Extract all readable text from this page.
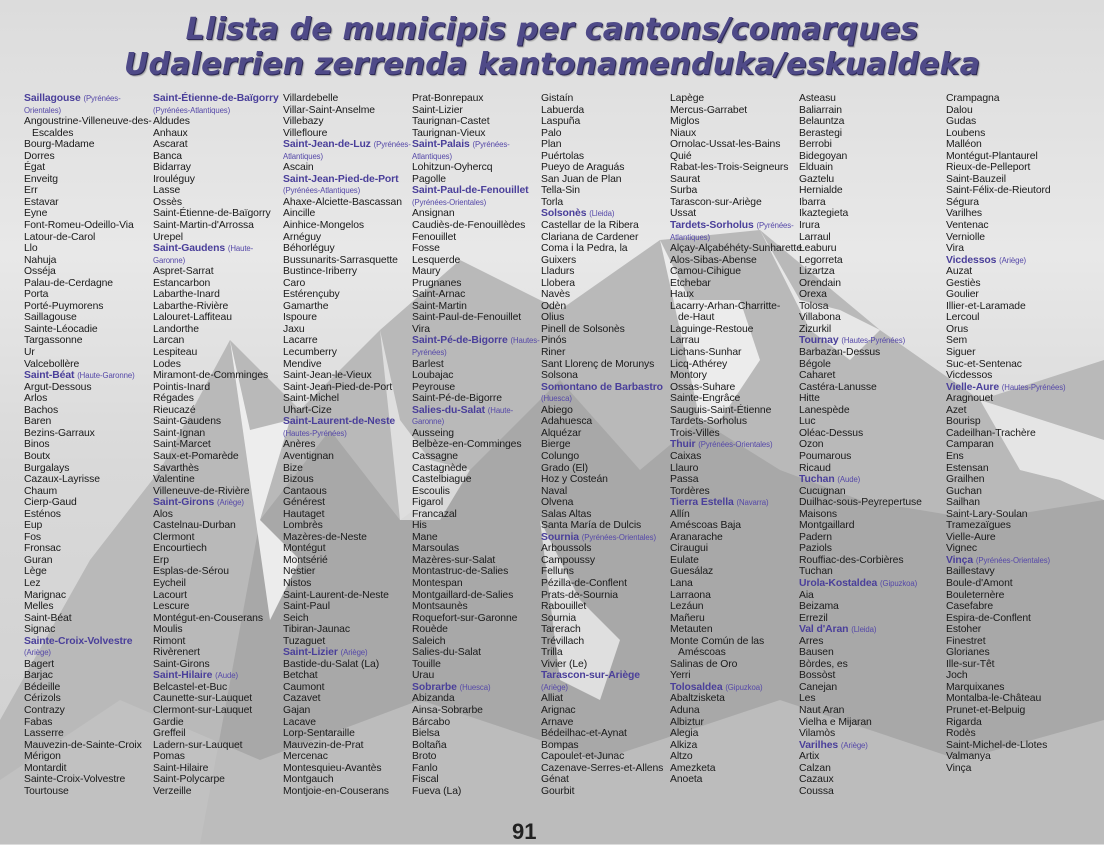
Llista de municipis per cantons/comarques
Udalerrien zerrenda kantonamenduka/eskualdeka
Saillagouse (Pyrénées-
Orientales)
Angoustrine-Villeneuve-des-
Escaldes
Bourg-Madame
Dorres
Égat
Enveitg
Err
Estavar
Eyne
Font-Romeu-Odeillo-Via
Latour-de-Carol
Llo
Nahuja
Osséja
Palau-de-Cerdagne
Porta
Porté-Puymorens
Saillagouse
Sainte-Léocadie
Targassonne
Ur
Valcebollère
Saint-Béat (Haute-Garonne)
Argut-Dessous
Arlos
Bachos
Baren
Bezins-Garraux
Binos
Boutx
Burgalays
Cazaux-Layrisse
Chaum
Cierp-Gaud
Esténos
Eup
Fos
Fronsac
Guran
Lège
Lez
Marignac
Melles
Saint-Béat
Signac
Sainte-Croix-Volvestre
(Ariège)
Bagert
Barjac
Bédeille
Cérizols
Contrazy
Fabas
Lasserre
Mauvezin-de-Sainte-Croix
Mérigon
Montardit
Sainte-Croix-Volvestre
Tourtouse
Saint-Étienne-de-Baïgorry
(Pyrénées-Atlantiques)
Aldudes
Anhaux
Ascarat
Banca
Bidarray
Irouléguy
Lasse
Ossès
Saint-Étienne-de-Baïgorry
Saint-Martin-d'Arrossa
Urepel
Saint-Gaudens (Haute-
Garonne)
Aspret-Sarrat
Estancarbon
Labarthe-Inard
Labarthe-Rivière
Lalouret-Laffiteau
Landorthe
Larcan
Lespiteau
Lodes
Miramont-de-Comminges
Pointis-Inard
Régades
Rieucazé
Saint-Gaudens
Saint-Ignan
Saint-Marcet
Saux-et-Pomarède
Savarthès
Valentine
Villeneuve-de-Rivière
Saint-Girons (Ariège)
Alos
Castelnau-Durban
Clermont
Encourtiech
Erp
Esplas-de-Sérou
Eycheil
Lacourt
Lescure
Montégut-en-Couserans
Moulis
Rimont
Rivèrenert
Saint-Girons
Saint-Hilaire (Aude)
Belcastel-et-Buc
Caunette-sur-Lauquet
Clermont-sur-Lauquet
Gardie
Greffeil
Ladern-sur-Lauquet
Pomas
Saint-Hilaire
Saint-Polycarpe
Verzeille
Villardebelle
Villar-Saint-Anselme
Villebazy
Villefloure
Saint-Jean-de-Luz (Pyrénées-
Atlantiques)
Ascain
Saint-Jean-Pied-de-Port
(Pyrénées-Atlantiques)
Ahaxe-Alciette-Bascassan
Aincille
Ainhice-Mongelos
Arnéguy
Béhorléguy
Bussunarits-Sarrasquette
Bustince-Iriberry
Caro
Estérençuby
Gamarthe
Ispoure
Jaxu
Lacarre
Lecumberry
Mendive
Saint-Jean-le-Vieux
Saint-Jean-Pied-de-Port
Saint-Michel
Uhart-Cize
Saint-Laurent-de-Neste
(Hautes-Pyrénées)
Anères
Aventignan
Bize
Bizous
Cantaous
Générest
Hautaget
Lombrès
Mazères-de-Neste
Montégut
Montsérié
Nestier
Nistos
Saint-Laurent-de-Neste
Saint-Paul
Seich
Tibiran-Jaunac
Tuzaguet
Saint-Lizier (Ariège)
Bastide-du-Salat (La)
Betchat
Caumont
Cazavet
Gajan
Lacave
Lorp-Sentaraille
Mauvezin-de-Prat
Mercenac
Montesquieu-Avantès
Montgauch
Montjoie-en-Couserans
Prat-Bonrepaux
Saint-Lizier
Taurignan-Castet
Taurignan-Vieux
Saint-Palais (Pyrénées-
Atlantiques)
Lohitzun-Oyhercq
Pagolle
Saint-Paul-de-Fenouillet
(Pyrénées-Orientales)
Ansignan
Caudiès-de-Fenouillèdes
Fenouillet
Fosse
Lesquerde
Maury
Prugnanes
Saint-Arnac
Saint-Martin
Saint-Paul-de-Fenouillet
Vira
Saint-Pé-de-Bigorre (Hautes-
Pyrénées)
Barlest
Loubajac
Peyrouse
Saint-Pé-de-Bigorre
Salies-du-Salat (Haute-
Garonne)
Ausseing
Belbèze-en-Comminges
Cassagne
Castagnède
Castelbiague
Escoulis
Figarol
Francazal
His
Mane
Marsoulas
Mazères-sur-Salat
Montastruc-de-Salies
Montespan
Montgaillard-de-Salies
Montsaunès
Roquefort-sur-Garonne
Rouède
Saleich
Salies-du-Salat
Touille
Urau
Sobrarbe (Huesca)
Abizanda
Ainsa-Sobrarbe
Bárcabo
Bielsa
Boltaña
Broto
Fanlo
Fiscal
Fueva (La)
Gistaín
Labuerda
Laspuña
Palo
Plan
Puértolas
Pueyo de Araguás
San Juan de Plan
Tella-Sin
Torla
Solsonès (Lleida)
Castellar de la Ribera
Clariana de Cardener
Coma i la Pedra, la
Guixers
Lladurs
Llobera
Navès
Odèn
Olius
Pinell de Solsonès
Pinós
Riner
Sant Llorenç de Morunys
Solsona
Somontano de Barbastro
(Huesca)
Abiego
Adahuesca
Alquézar
Bierge
Colungo
Grado (El)
Hoz y Costeán
Naval
Olvena
Salas Altas
Santa María de Dulcis
Sournia (Pyrénées-Orientales)
Arboussols
Campoussy
Felluns
Pézilla-de-Conflent
Prats-de-Sournia
Rabouillet
Sournia
Tarerach
Trévillach
Trilla
Vivier (Le)
Tarascon-sur-Ariège
(Ariège)
Alliat
Arignac
Arnave
Bédeilhac-et-Aynat
Bompas
Capoulet-et-Junac
Cazenave-Serres-et-Allens
Génat
Gourbit
Lapège
Mercus-Garrabet
Miglos
Niaux
Ornolac-Ussat-les-Bains
Quié
Rabat-les-Trois-Seigneurs
Saurat
Surba
Tarascon-sur-Ariège
Ussat
Tardets-Sorholus (Pyrénées-
Atlantiques)
Alçay-Alçabéhéty-Sunharette
Alos-Sibas-Abense
Camou-Cihigue
Etchebar
Haux
Lacarry-Arhan-Charritte-
de-Haut
Laguinge-Restoue
Larrau
Lichans-Sunhar
Licq-Athérey
Montory
Ossas-Suhare
Sainte-Engrâce
Sauguis-Saint-Étienne
Tardets-Sorholus
Trois-Villes
Thuir (Pyrénées-Orientales)
Caixas
Llauro
Passa
Tordères
Tierra Estella (Navarra)
Allín
Améscoas Baja
Aranarache
Ciraugui
Eulate
Guesálaz
Lana
Larraona
Lezáun
Mañeru
Metauten
Monte Común de las
Améscoas
Salinas de Oro
Yerri
Tolosaldea (Gipuzkoa)
Abaltzisketa
Aduna
Albiztur
Alegia
Alkiza
Altzo
Amezketa
Anoeta
Asteasu
Baliarrain
Belauntza
Berastegi
Berrobi
Bidegoyan
Elduain
Gaztelu
Hernialde
Ibarra
Ikaztegieta
Irura
Larraul
Leaburu
Legorreta
Lizartza
Orendain
Orexa
Tolosa
Villabona
Zizurkil
Tournay (Hautes-Pyrénées)
Barbazan-Dessus
Bégole
Caharet
Castéra-Lanusse
Hitte
Lanespède
Luc
Oléac-Dessus
Ozon
Poumarous
Ricaud
Tuchan (Aude)
Cucugnan
Duilhac-sous-Peyrepertuse
Maisons
Montgaillard
Padern
Paziols
Rouffiac-des-Corbières
Tuchan
Urola-Kostaldea (Gipuzkoa)
Aia
Beizama
Errezil
Val d'Aran (Lleida)
Arres
Bausen
Bòrdes, es
Bossòst
Canejan
Les
Naut Aran
Vielha e Mijaran
Vilamòs
Varilhes (Ariège)
Artix
Calzan
Cazaux
Coussa
Crampagna
Dalou
Gudas
Loubens
Malléon
Montégut-Plantaurel
Rieux-de-Pelleport
Saint-Bauzeil
Saint-Félix-de-Rieutord
Ségura
Varilhes
Ventenac
Verniolle
Vira
Vicdessos (Ariège)
Auzat
Gestiès
Goulier
Illier-et-Laramade
Lercoul
Orus
Sem
Siguer
Suc-et-Sentenac
Vicdessos
Vielle-Aure (Hautes-Pyrénées)
Aragnouet
Azet
Bourisp
Cadeilhan-Trachère
Camparan
Ens
Estensan
Grailhen
Guchan
Sailhan
Saint-Lary-Soulan
Tramezaïgues
Vielle-Aure
Vignec
Vinça (Pyrénées-Orientales)
Baillestavy
Boule-d'Amont
Bouleternère
Casefabre
Espira-de-Conflent
Estoher
Finestret
Glorianes
Ille-sur-Têt
Joch
Marquixanes
Montalba-le-Château
Prunet-et-Belpuig
Rigarda
Rodès
Saint-Michel-de-Llotes
Valmanya
Vinça
91
